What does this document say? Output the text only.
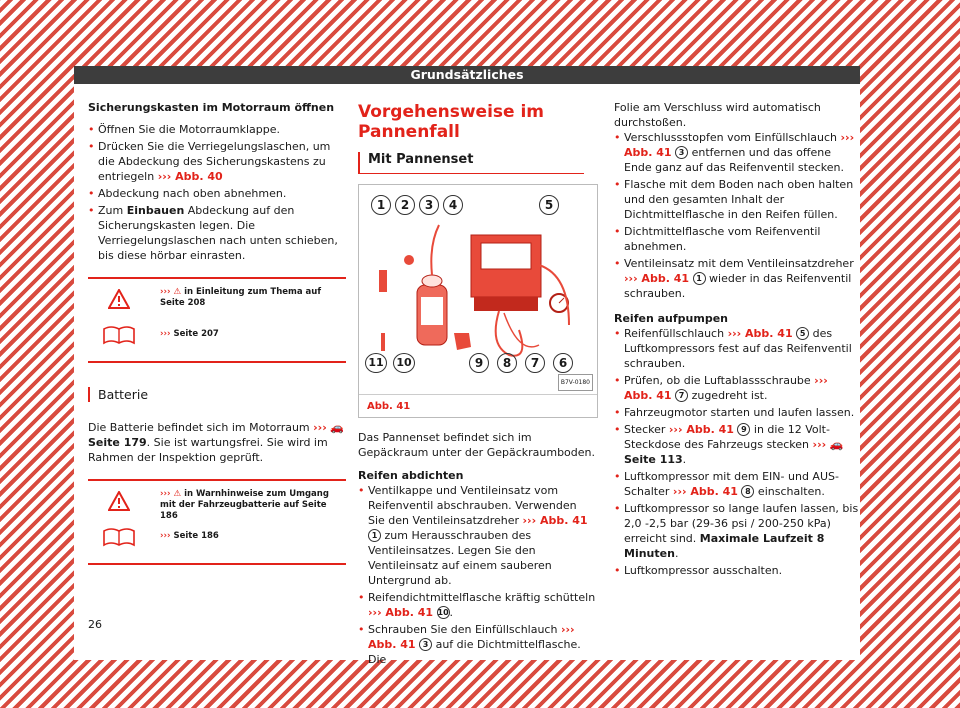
Grundsätzliches

Sicherungskasten im Motorraum öffnen

• Öffnen Sie die Motorraumklappe.
• Drücken Sie die Verriegelungslaschen, um die Abdeckung des Sicherungskastens zu entriegeln ››› Abb. 40
• Abdeckung nach oben abnehmen.
• Zum Einbauen Abdeckung auf den Sicherungskasten legen. Die Verriegelungslaschen nach unten schieben, bis diese hörbar einrasten.
››› ⚠ in Einleitung zum Thema auf Seite 208
››› Seite 207

Batterie

Die Batterie befindet sich im Motorraum ››› 🚗 Seite 179. Sie ist wartungsfrei. Sie wird im Rahmen der Inspektion geprüft.

››› ⚠ in Warnhinweise zum Umgang mit der Fahrzeugbatterie auf Seite 186
››› Seite 186

Vorgehensweise im Pannenfall

Mit Pannenset

1	2	3	4	5
11	10	9	8	7	6
B7V-0180
Abb. 41

Das Pannenset befindet sich im Gepäckraum unter der Gepäckraumboden.

Reifen abdichten

• Ventilkappe und Ventileinsatz vom Reifenventil abschrauben. Verwenden Sie den Ventileinsatzdreher ››› Abb. 41 1 zum Herausschrauben des Ventileinsatzes. Legen Sie den Ventileinsatz auf einem sauberen Untergrund ab.
• Reifendichtmittelflasche kräftig schütteln ››› Abb. 41 10.
• Schrauben Sie den Einfüllschlauch ››› Abb. 41 3 auf die Dichtmittelflasche. Die

Folie am Verschluss wird automatisch durchstoßen.

• Verschlussstopfen vom Einfüllschlauch ››› Abb. 41 3 entfernen und das offene Ende ganz auf das Reifenventil stecken.
• Flasche mit dem Boden nach oben halten und den gesamten Inhalt der Dichtmittelflasche in den Reifen füllen.
• Dichtmittelflasche vom Reifenventil abnehmen.
• Ventileinsatz mit dem Ventileinsatzdreher ››› Abb. 41 1 wieder in das Reifenventil schrauben.

Reifen aufpumpen

• Reifenfüllschlauch ››› Abb. 41 5 des Luftkompressors fest auf das Reifenventil schrauben.
• Prüfen, ob die Luftablassschraube ››› Abb. 41 7 zugedreht ist.
• Fahrzeugmotor starten und laufen lassen.
• Stecker ››› Abb. 41 9 in die 12 Volt-Steckdose des Fahrzeugs stecken ››› 🚗 Seite 113.
• Luftkompressor mit dem EIN- und AUS-Schalter ››› Abb. 41 8 einschalten.
• Luftkompressor so lange laufen lassen, bis 2,0 -2,5 bar (29-36 psi / 200-250 kPa) erreicht sind. Maximale Laufzeit 8 Minuten.
• Luftkompressor ausschalten.
26
